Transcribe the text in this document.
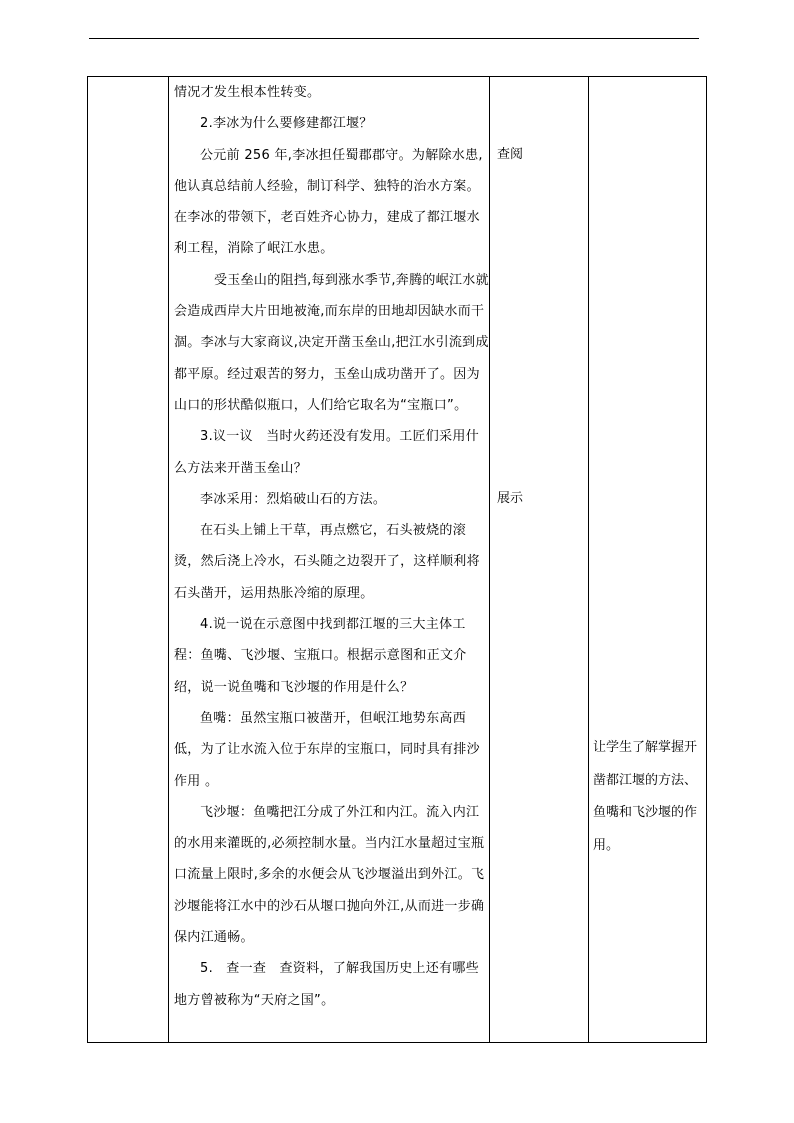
情况才发生根本性转变。

2.李冰为什么要修建都江堰？

公元前 256 年,李冰担任蜀郡郡守。为解除水患,他认真总结前人经验，制订科学、独特的治水方案。在李冰的带领下，老百姓齐心协力，建成了都江堰水利工程，消除了岷江水患。

受玉垒山的阻挡,每到涨水季节,奔腾的岷江水就会造成西岸大片田地被淹,而东岸的田地却因缺水而干涸。李冰与大家商议,决定开凿玉垒山,把江水引流到成都平原。经过艰苦的努力，玉垒山成功凿开了。因为山口的形状酷似瓶口，人们给它取名为“宝瓶口”。

3.议一议　当时火药还没有发用。工匠们采用什么方法来开凿玉垒山？

李冰采用：烈焰破山石的方法。

在石头上铺上干草，再点燃它，石头被烧的滚烫，然后浇上冷水，石头随之边裂开了，这样顺利将石头凿开，运用热胀冷缩的原理。

4.说一说在示意图中找到都江堰的三大主体工程：鱼嘴、飞沙堰、宝瓶口。根据示意图和正文介绍，说一说鱼嘴和飞沙堰的作用是什么？

鱼嘴：虽然宝瓶口被凿开，但岷江地势东高西低，为了让水流入位于东岸的宝瓶口，同时具有排沙作用 。

飞沙堰：鱼嘴把江分成了外江和内江。流入内江的水用来灌既的,必须控制水量。当内江水量超过宝瓶口流量上限时,多余的水便会从飞沙堰溢出到外江。飞沙堰能将江水中的沙石从堰口抛向外江,从而进一步确保内江通畅。

5.　查一查　查资料，了解我国历史上还有哪些地方曾被称为“天府之国”。

查阅
展示
让学生了解掌握开凿都江堰的方法、鱼嘴和飞沙堰的作用。
